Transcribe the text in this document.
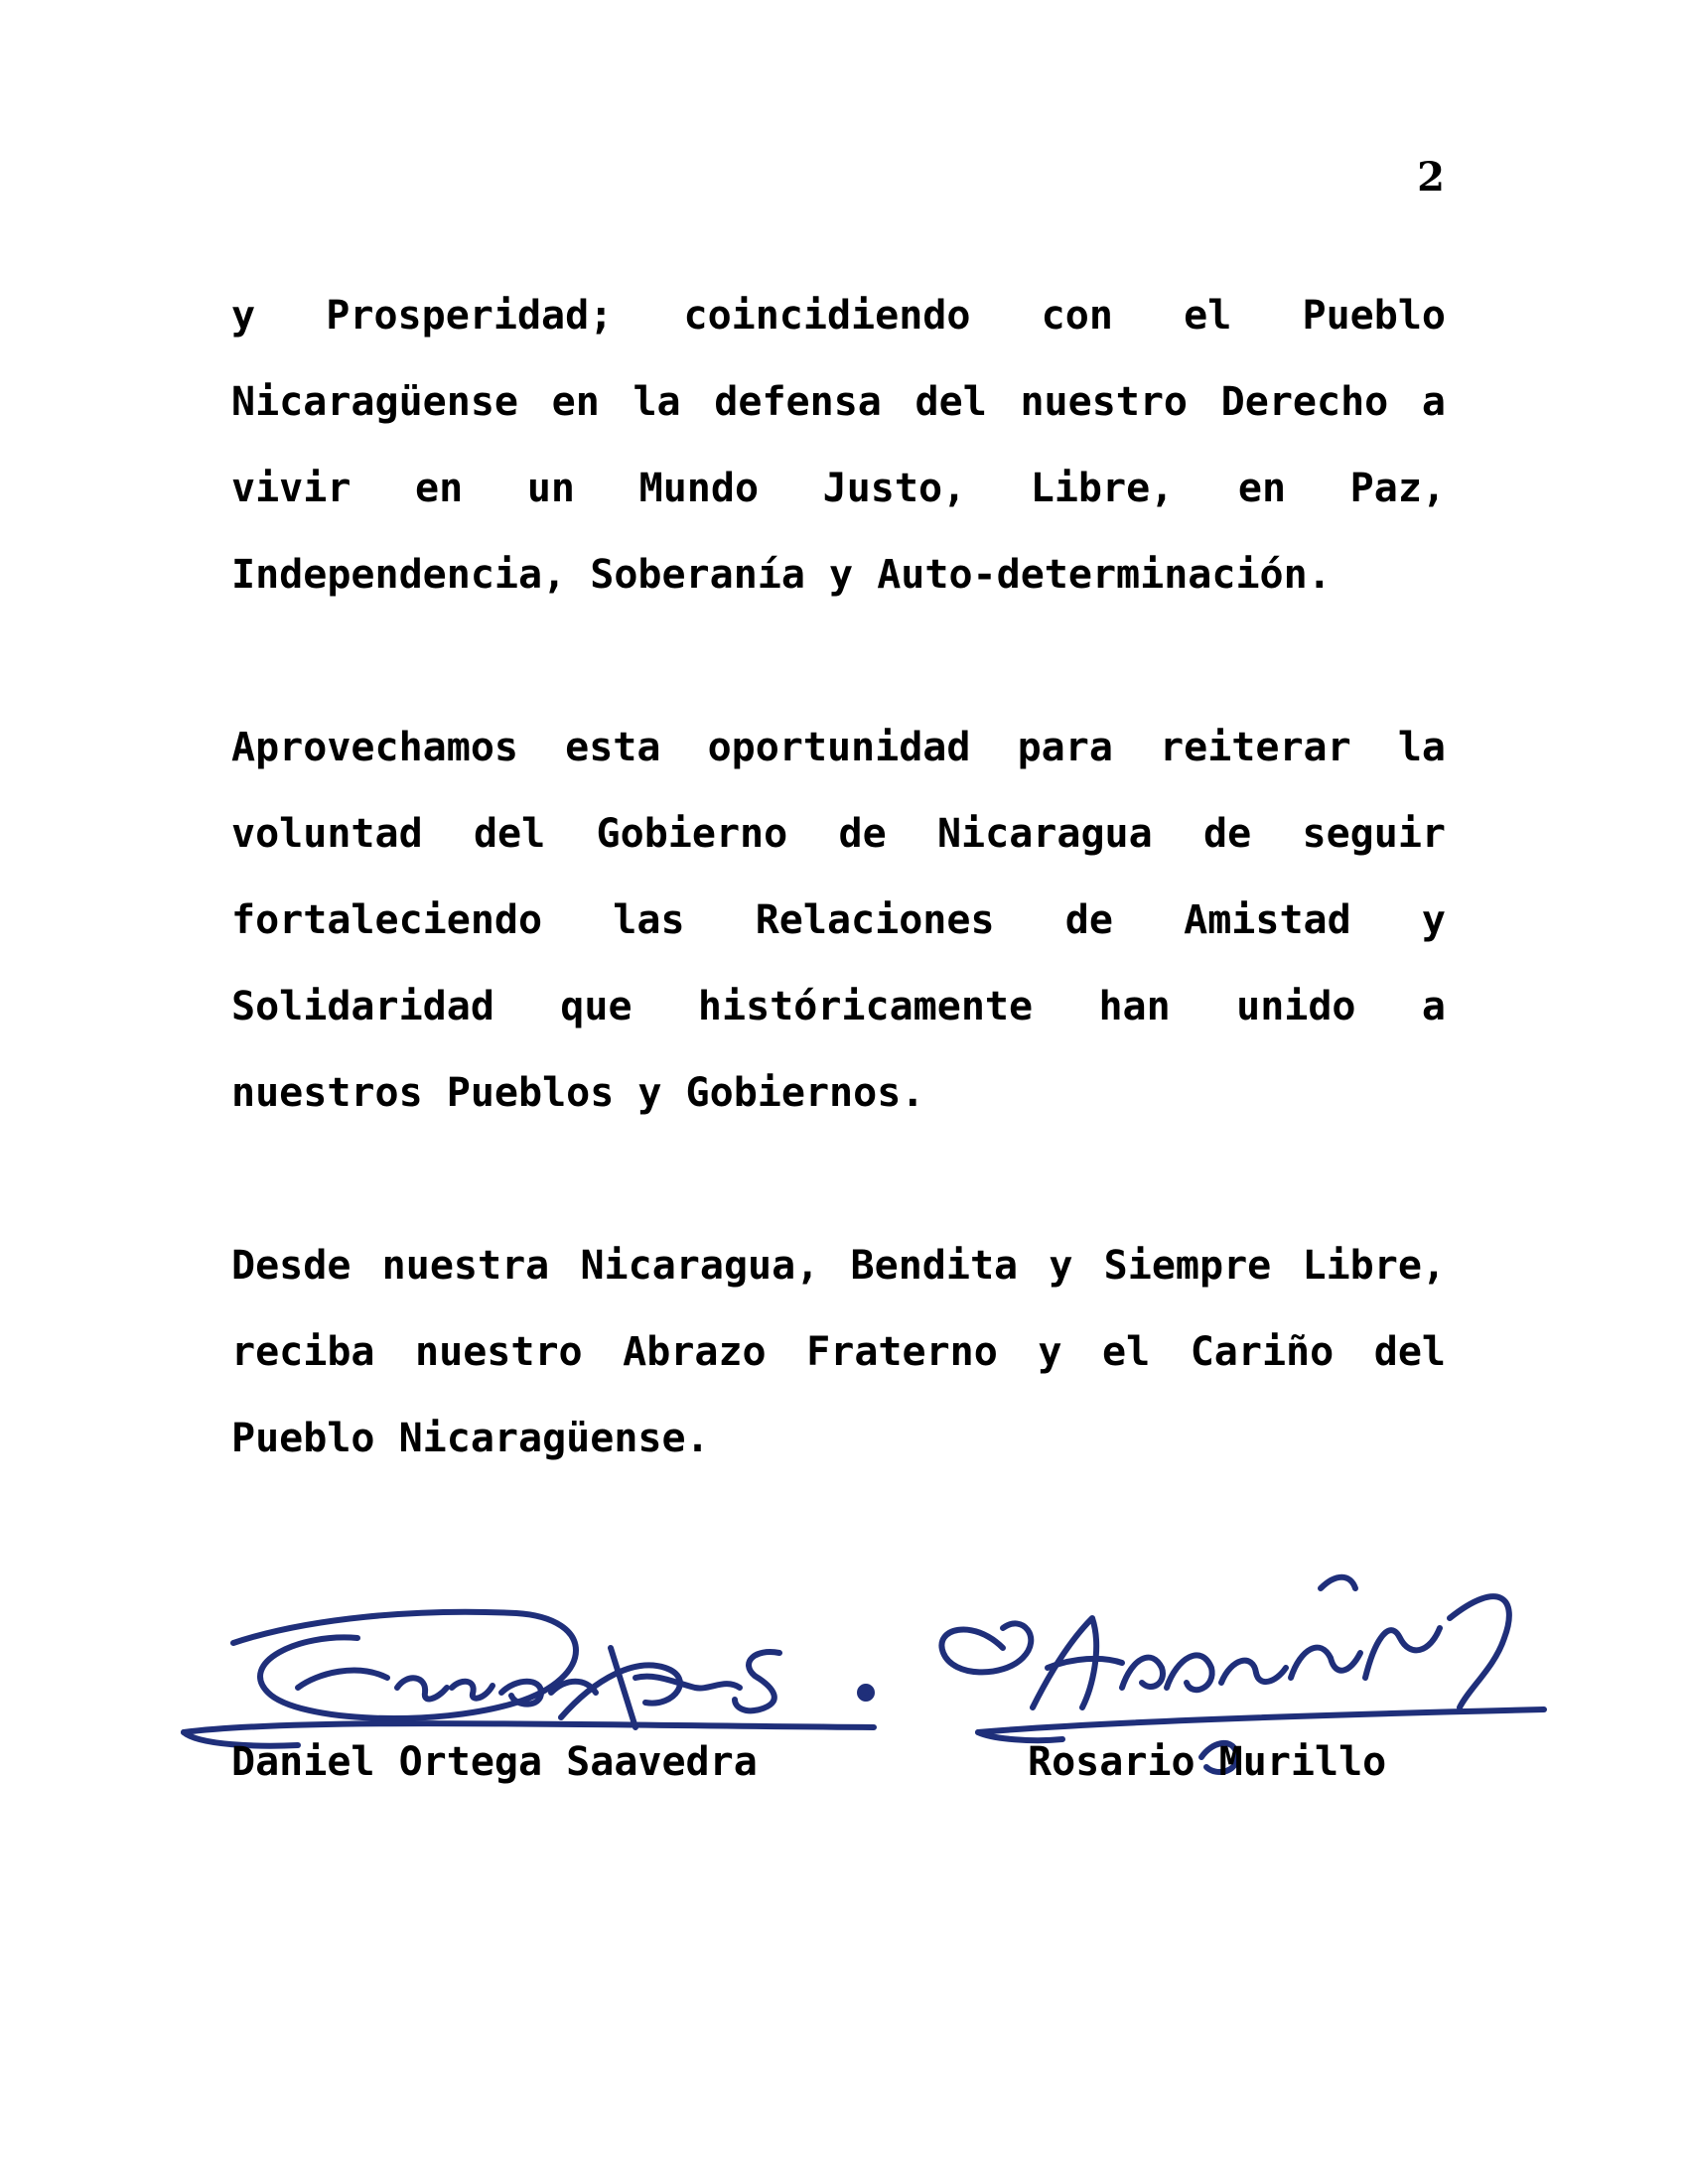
2

y Prosperidad; coincidiendo con el Pueblo Nicaragüense en la defensa del nuestro Derecho a vivir en un Mundo Justo, Libre, en Paz, Independencia, Soberanía y Auto-determinación.

Aprovechamos esta oportunidad para reiterar la voluntad del Gobierno de Nicaragua de seguir fortaleciendo las Relaciones de Amistad y Solidaridad que históricamente han unido a nuestros Pueblos y Gobiernos.

Desde nuestra Nicaragua, Bendita y Siempre Libre, reciba nuestro Abrazo Fraterno y el Cariño del Pueblo Nicaragüense.

Daniel Ortega Saavedra	Rosario Murillo
